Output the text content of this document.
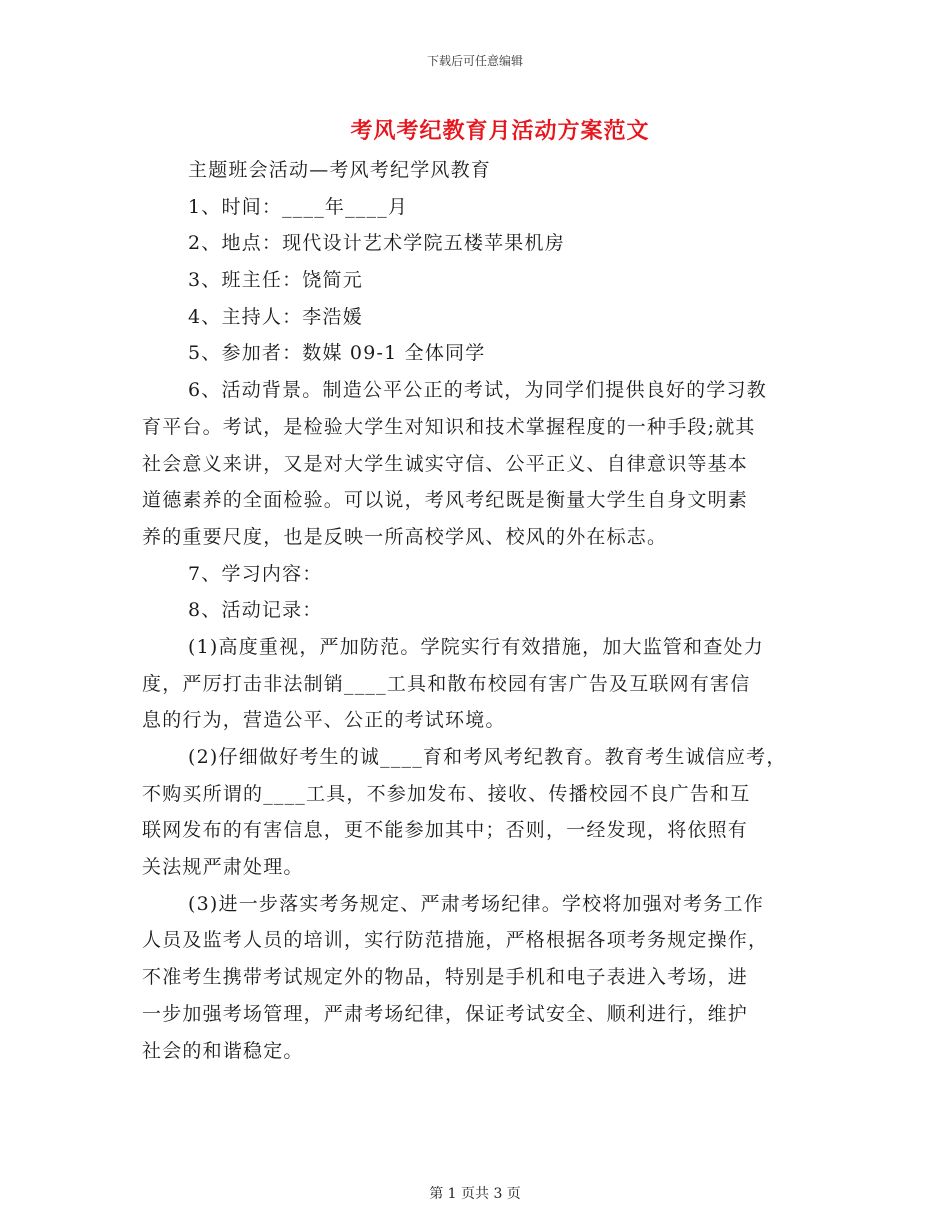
下载后可任意编辑
考风考纪教育月活动方案范文
主题班会活动—考风考纪学风教育
1、时间：____年____月
2、地点：现代设计艺术学院五楼苹果机房
3、班主任：饶简元
4、主持人：李浩媛
5、参加者：数媒 09-1 全体同学
6、活动背景。制造公平公正的考试，为同学们提供良好的学习教
育平台。考试，是检验大学生对知识和技术掌握程度的一种手段;就其
社会意义来讲，又是对大学生诚实守信、公平正义、自律意识等基本
道德素养的全面检验。可以说，考风考纪既是衡量大学生自身文明素
养的重要尺度，也是反映一所高校学风、校风的外在标志。
7、学习内容：
8、活动记录：
(1)高度重视，严加防范。学院实行有效措施，加大监管和查处力
度，严厉打击非法制销____工具和散布校园有害广告及互联网有害信
息的行为，营造公平、公正的考试环境。
(2)仔细做好考生的诚____育和考风考纪教育。教育考生诚信应考，
不购买所谓的____工具，不参加发布、接收、传播校园不良广告和互
联网发布的有害信息，更不能参加其中；否则，一经发现，将依照有
关法规严肃处理。
(3)进一步落实考务规定、严肃考场纪律。学校将加强对考务工作
人员及监考人员的培训，实行防范措施，严格根据各项考务规定操作，
不准考生携带考试规定外的物品，特别是手机和电子表进入考场，进
一步加强考场管理，严肃考场纪律，保证考试安全、顺利进行，维护
社会的和谐稳定。
第 1 页共 3 页
